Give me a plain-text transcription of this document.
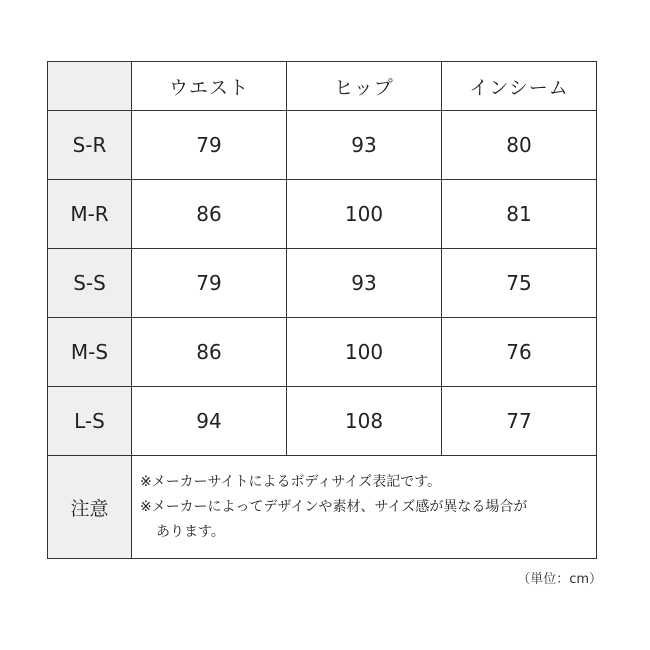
	ウエスト	ヒップ	インシーム
S-R	79	93	80
M-R	86	100	81
S-S	79	93	75
M-S	86	100	76
L-S	94	108	77
注意	※メーカーサイトによるボディサイズ表記です。
※メーカーによってデザインや素材、サイズ感が異なる場合が
あります。		
（単位：cm）
